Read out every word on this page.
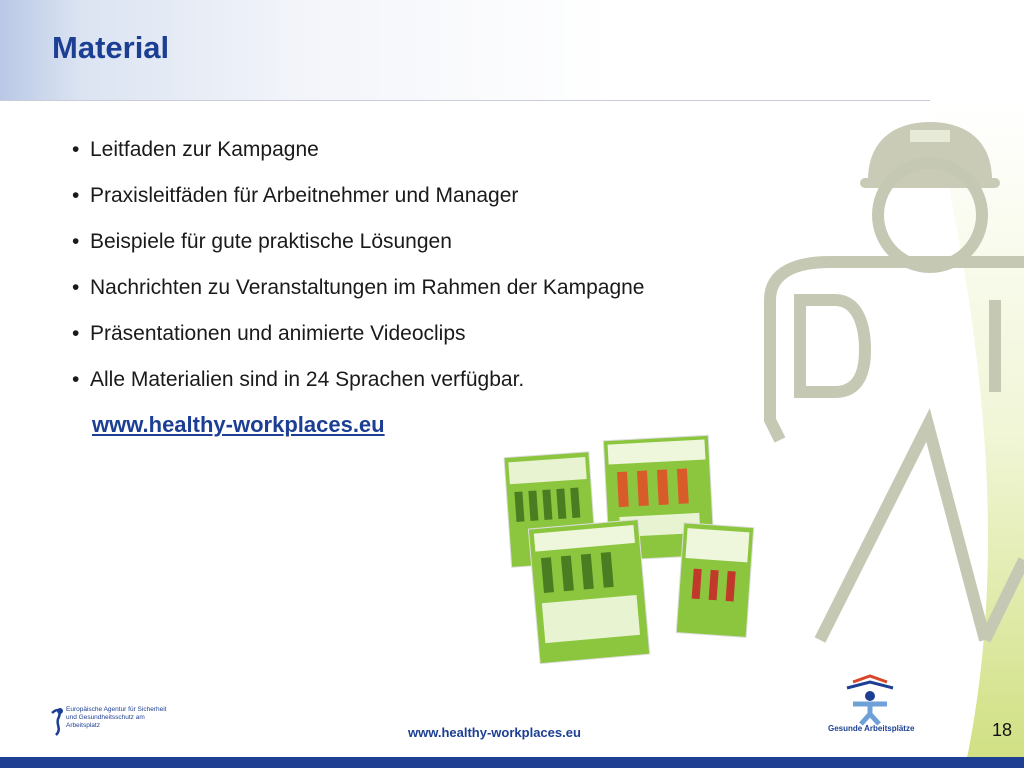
Material
• Leitfaden zur Kampagne
• Praxisleitfäden für Arbeitnehmer und Manager
• Beispiele für gute praktische Lösungen
• Nachrichten zu Veranstaltungen im Rahmen der Kampagne
• Präsentationen und animierte Videoclips
• Alle Materialien sind in 24 Sprachen verfügbar.
www.healthy-workplaces.eu
Europäische Agentur für Sicherheit und Gesundheitsschutz am Arbeitsplatz	Gesunde Arbeitsplätze
www.healthy-workplaces.eu	18
